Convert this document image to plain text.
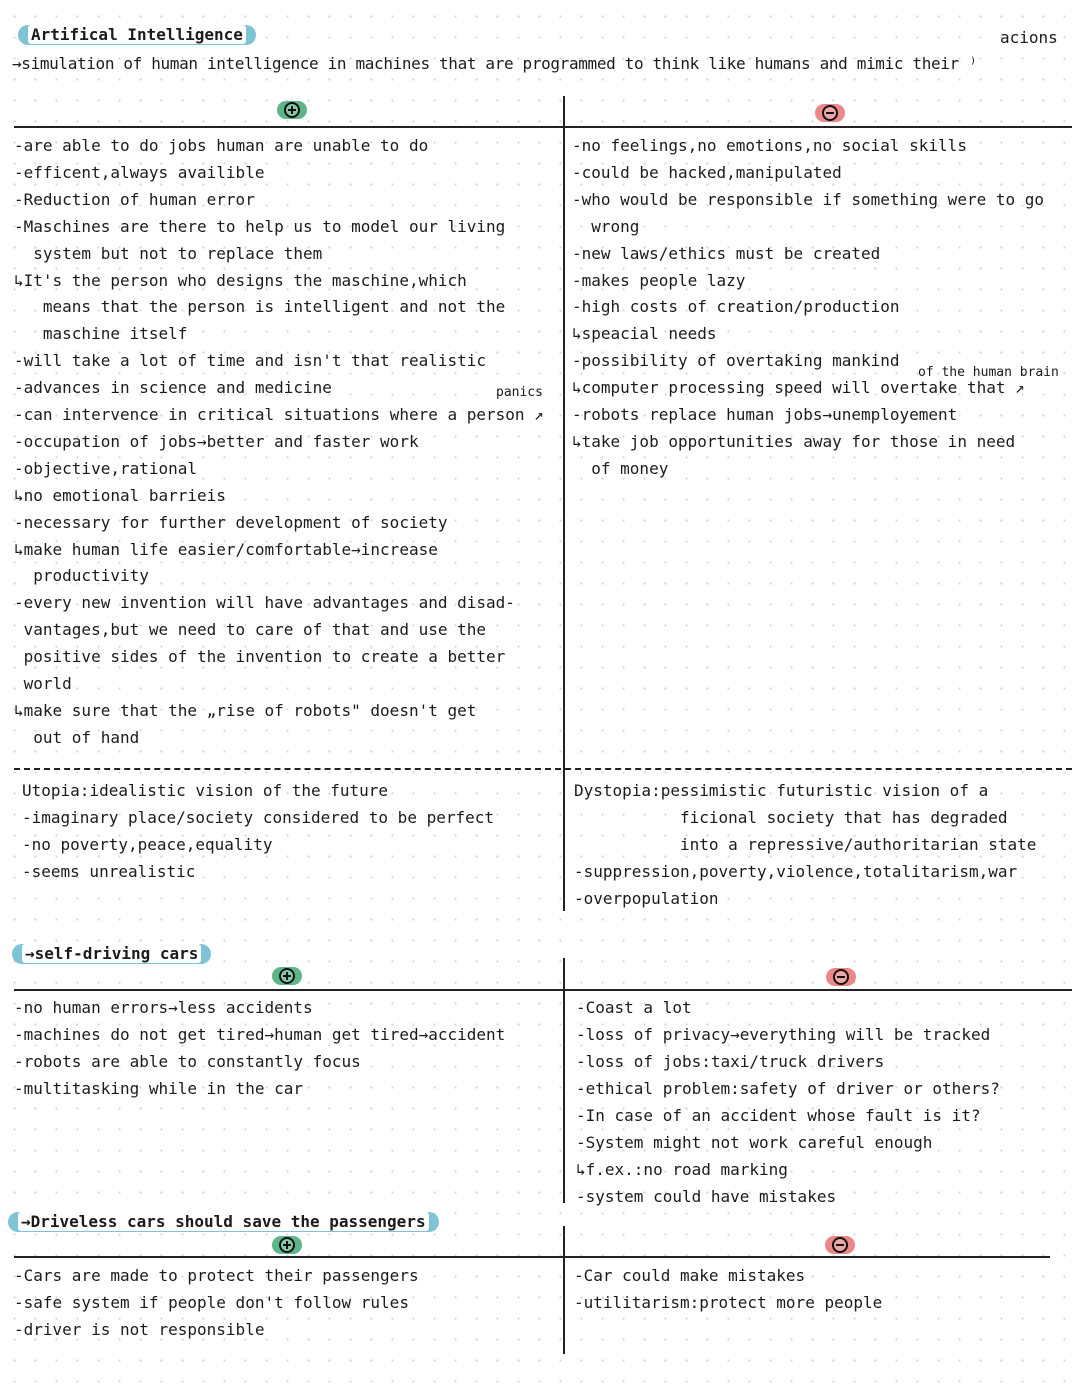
Artifical Intelligence	acions
→simulation of human intelligence in machines that are programmed to think like humans and mimic their ⁾
-are able to do jobs human are unable to do
-efficent,always availible
-Reduction of human error
-Maschines are there to help us to model our living
system but not to replace them
↳It's the person who designs the maschine,which
means that the person is intelligent and not the
maschine itself
-will take a lot of time and isn't that realistic
-advances in science and medicine
-can intervence in critical situations where a person ↗
-occupation of jobs→better and faster work
-objective,rational
↳no emotional barrieis
-necessary for further development of society
↳make human life easier/comfortable→increase
productivity
-every new invention will have advantages and disad-
vantages,but we need to care of that and use the
positive sides of the invention to create a better
world
↳make sure that the „rise of robots" doesn't get
out of hand
panics
-no feelings,no emotions,no social skills
-could be hacked,manipulated
-who would be responsible if something were to go
wrong
-new laws/ethics must be created
-makes people lazy
-high costs of creation/production
↳speacial needs
-possibility of overtaking mankind
↳computer processing speed will overtake that ↗
-robots replace human jobs→unemployement
↳take job opportunities away for those in need
of money
of the human brain
Utopia:idealistic vision of the future
-imaginary place/society considered to be perfect
-no poverty,peace,equality
-seems unrealistic
Dystopia:pessimistic futuristic vision of a
ficional society that has degraded
into a repressive/authoritarian state
-suppression,poverty,violence,totalitarism,war
-overpopulation
→self-driving cars
-no human errors→less accidents
-machines do not get tired→human get tired→accident
-robots are able to constantly focus
-multitasking while in the car
-Coast a lot
-loss of privacy→everything will be tracked
-loss of jobs:taxi/truck drivers
-ethical problem:safety of driver or others?
-In case of an accident whose fault is it?
-System might not work careful enough
↳f.ex.:no road marking
-system could have mistakes
→Driveless cars should save the passengers
-Cars are made to protect their passengers
-safe system if people don't follow rules
-driver is not responsible
-Car could make mistakes
-utilitarism:protect more people
